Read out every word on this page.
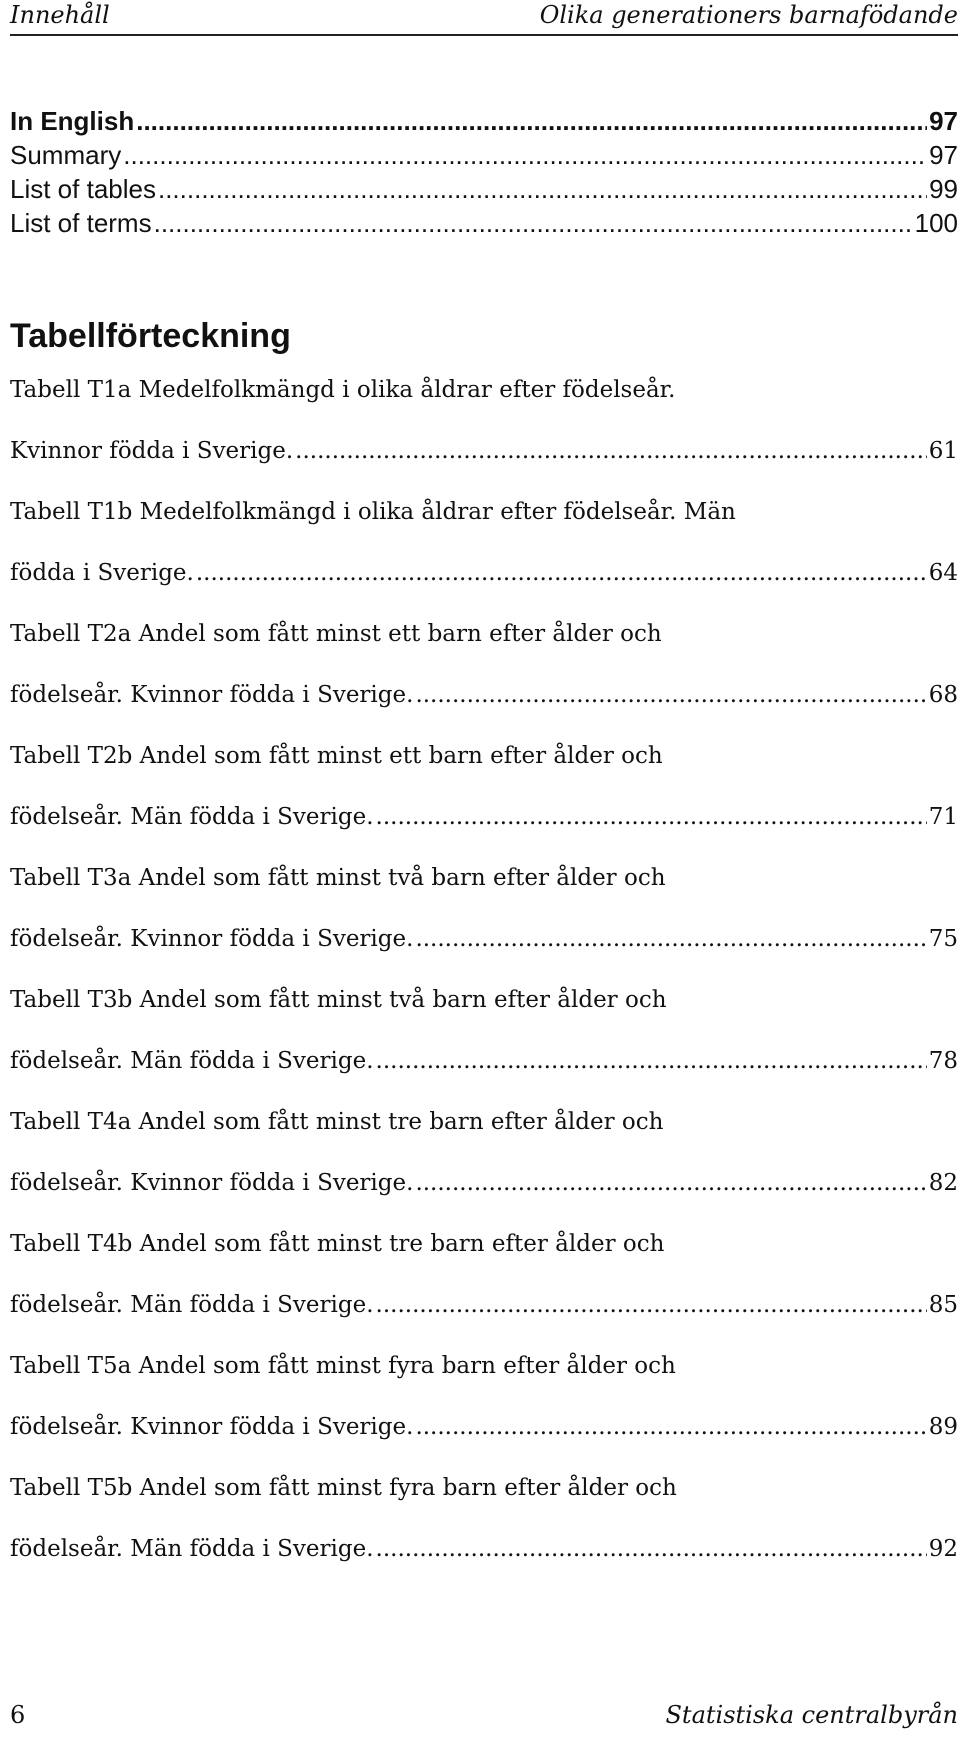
Innehåll	Olika generationers barnafödande
In English .....	97
Summary .....	97
List of tables .....	99
List of terms .....	100
Tabellförteckning
Tabell T1a Medelfolkmängd i olika åldrar efter födelseår.
Kvinnor födda i Sverige. .....	61
Tabell T1b Medelfolkmängd i olika åldrar efter födelseår. Män
födda i Sverige. .....	64
Tabell T2a Andel som fått minst ett barn efter ålder och
födelseår. Kvinnor födda i Sverige. .....	68
Tabell T2b Andel som fått minst ett barn efter ålder och
födelseår. Män födda i Sverige. .....	71
Tabell T3a Andel som fått minst två barn efter ålder och
födelseår. Kvinnor födda i Sverige. .....	75
Tabell T3b Andel som fått minst två barn efter ålder och
födelseår. Män födda i Sverige. .....	78
Tabell T4a Andel som fått minst tre barn efter ålder och
födelseår. Kvinnor födda i Sverige. .....	82
Tabell T4b Andel som fått minst tre barn efter ålder och
födelseår. Män födda i Sverige. .....	85
Tabell T5a Andel som fått minst fyra barn efter ålder och
födelseår. Kvinnor födda i Sverige. .....	89
Tabell T5b Andel som fått minst fyra barn efter ålder och
födelseår. Män födda i Sverige. .....	92
6	Statistiska centralbyrån
